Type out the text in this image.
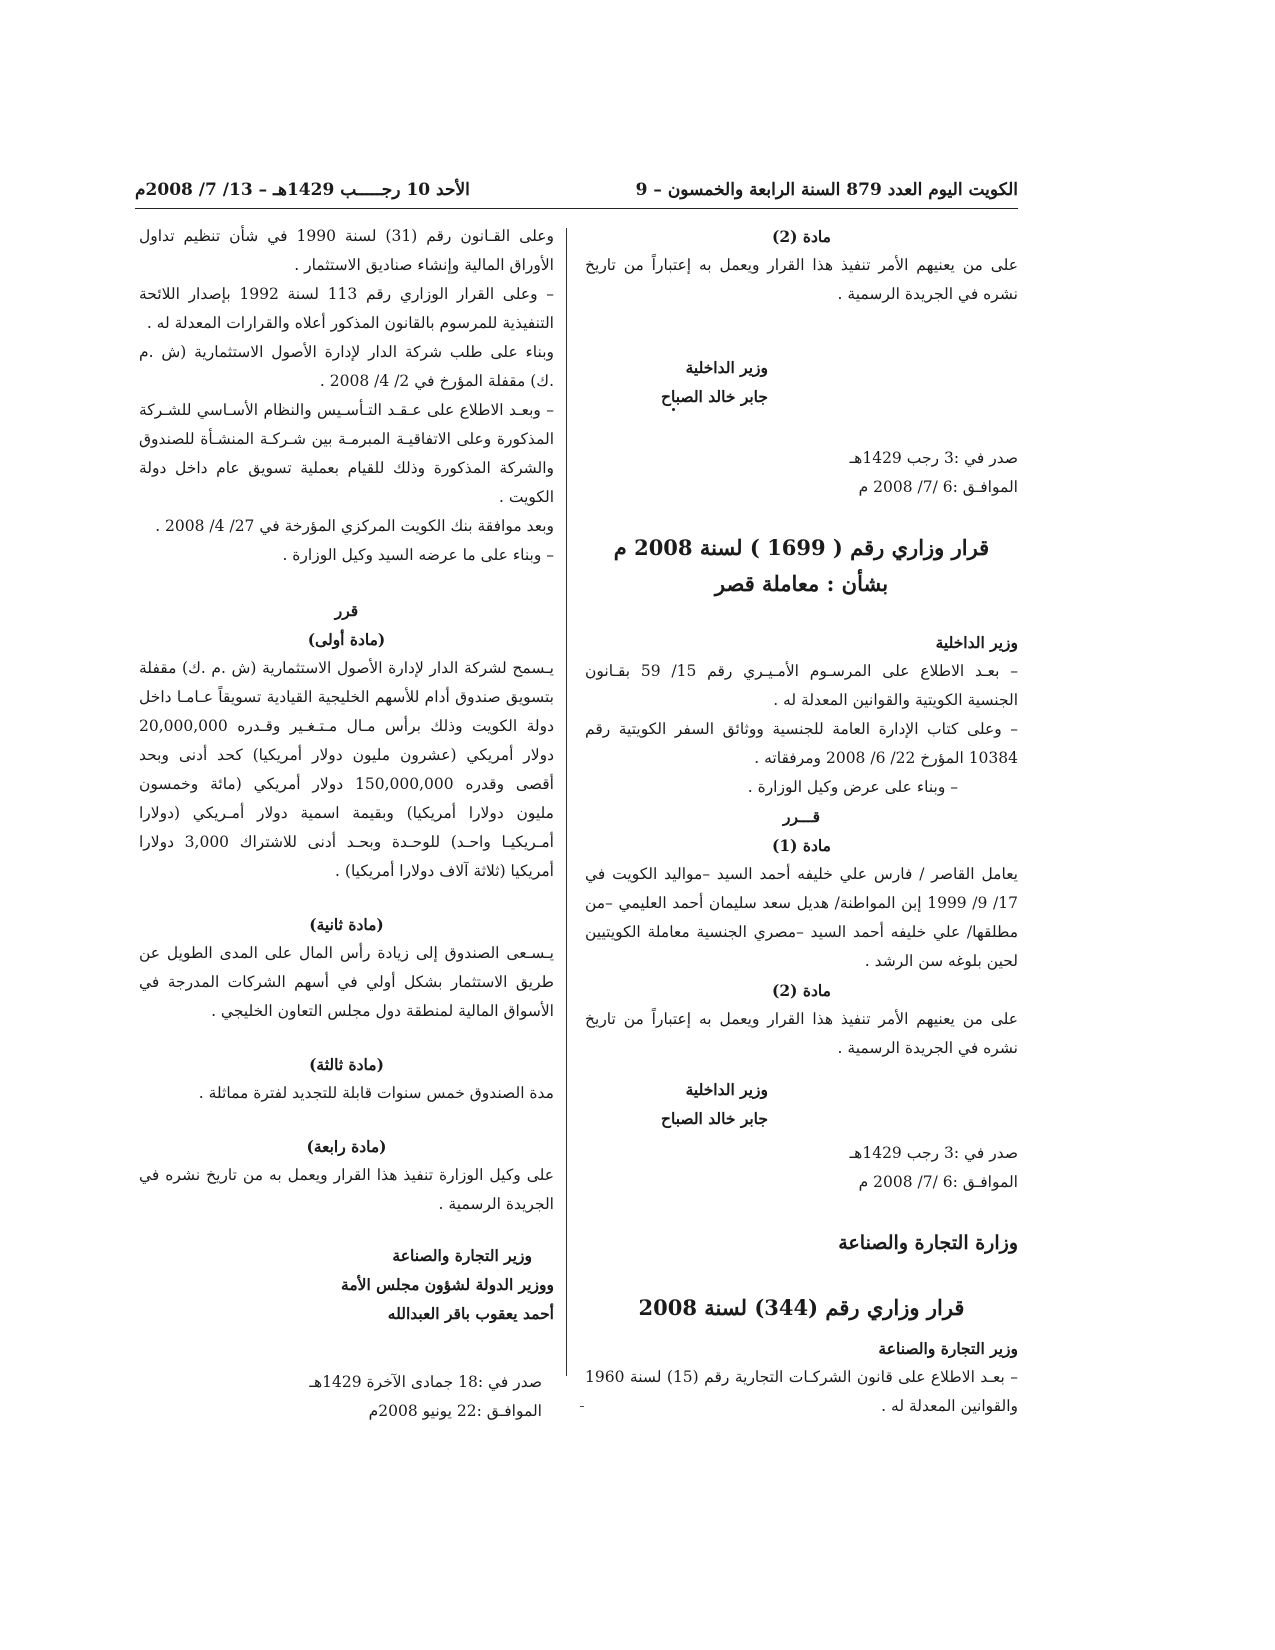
الكويت اليوم العدد 879 السنة الرابعة والخمسون – 9
الأحد 10 رجـــــب 1429هـ – 13/ 7/ 2008م

مادة (2)

على من يعنيهم الأمر تنفيذ هذا القرار ويعمل به إعتباراً من تاريخ نشره في الجريدة الرسمية .

وزير الداخلية

جابر خالد الصباح

صدر في :3 رجب 1429هـ

الموافـق :6 /7/ 2008 م

قرار وزاري رقم ( 1699 ) لسنة 2008 م

بشأن : معاملة قصر

وزير الداخلية

– بعـد الاطلاع على المرسـوم الأمـيـري رقم 15/ 59 بقـانون الجنسية الكويتية والقوانين المعدلة له .

– وعلى كتاب الإدارة العامة للجنسية ووثائق السفر الكويتية رقم 10384 المؤرخ 22/ 6/ 2008 ومرفقاته .

– وبناء على عرض وكيل الوزارة .

قـــرر

مادة (1)

يعامل القاصر / فارس علي خليفه أحمد السيد –مواليد الكويت في 17/ 9/ 1999 إبن المواطنة/ هديل سعد سليمان أحمد العليمي –من مطلقها/ علي خليفه أحمد السيد –مصري الجنسية معاملة الكويتيين لحين بلوغه سن الرشد .

مادة (2)

على من يعنيهم الأمر تنفيذ هذا القرار ويعمل به إعتباراً من تاريخ نشره في الجريدة الرسمية .

وزير الداخلية

جابر خالد الصباح

صدر في :3 رجب 1429هـ

الموافـق :6 /7/ 2008 م

وزارة التجارة والصناعة

قرار وزاري رقم (344) لسنة 2008

وزير التجارة والصناعة

– بعـد الاطلاع على قانون الشركـات التجارية رقم (15) لسنة 1960 والقوانين المعدلة له .

وعلى القـانون رقم (31) لسنة 1990 في شأن تنظيم تداول الأوراق المالية وإنشاء صناديق الاستثمار .

– وعلى القرار الوزاري رقم 113 لسنة 1992 بإصدار اللائحة التنفيذية للمرسوم بالقانون المذكور أعلاه والقرارات المعدلة له .

وبناء على طلب شركة الدار لإدارة الأصول الاستثمارية (ش .م .ك) مقفلة المؤرخ في 2/ 4/ 2008 .

– وبعـد الاطلاع على عـقـد التـأسـيس والنظام الأسـاسي للشـركة المذكورة وعلى الاتفاقيـة المبرمـة بين شـركـة المنشـأة للصندوق والشركة المذكورة وذلك للقيام بعملية تسويق عام داخل دولة الكويت .

وبعد موافقة بنك الكويت المركزي المؤرخة في 27/ 4/ 2008 .

– وبناء على ما عرضه السيد وكيل الوزارة .

قرر

(مادة أولى)

يـسمح لشركة الدار لإدارة الأصول الاستثمارية (ش .م .ك) مقفلة بتسويق صندوق أدام للأسهم الخليجية القيادية تسويقاً عـامـا داخل دولة الكويت وذلك برأس مـال مـتـغـير وقـدره 20,000,000 دولار أمريكي (عشرون مليون دولار أمريكيا) كحد أدنى وبحد أقصى وقدره 150,000,000 دولار أمريكي (مائة وخمسون مليون دولارا أمريكيا) وبقيمة اسمية دولار أمـريكي (دولارا أمـريكيـا واحـد) للوحـدة وبحـد أدنى للاشتراك 3,000 دولارا أمريكيا (ثلاثة آلاف دولارا أمريكيا) .

(مادة ثانية)

يـسـعى الصندوق إلى زيادة رأس المال على المدى الطويل عن طريق الاستثمار بشكل أولي في أسهم الشركات المدرجة في الأسواق المالية لمنطقة دول مجلس التعاون الخليجي .

(مادة ثالثة)

مدة الصندوق خمس سنوات قابلة للتجديد لفترة مماثلة .

(مادة رابعة)

على وكيل الوزارة تنفيذ هذا القرار ويعمل به من تاريخ نشره في الجريدة الرسمية .

وزير التجارة والصناعة

ووزير الدولة لشؤون مجلس الأمة

أحمد يعقوب باقر العبدالله

صدر في :18 جمادى الآخرة 1429هـ

الموافـق :22 يونيو 2008م
